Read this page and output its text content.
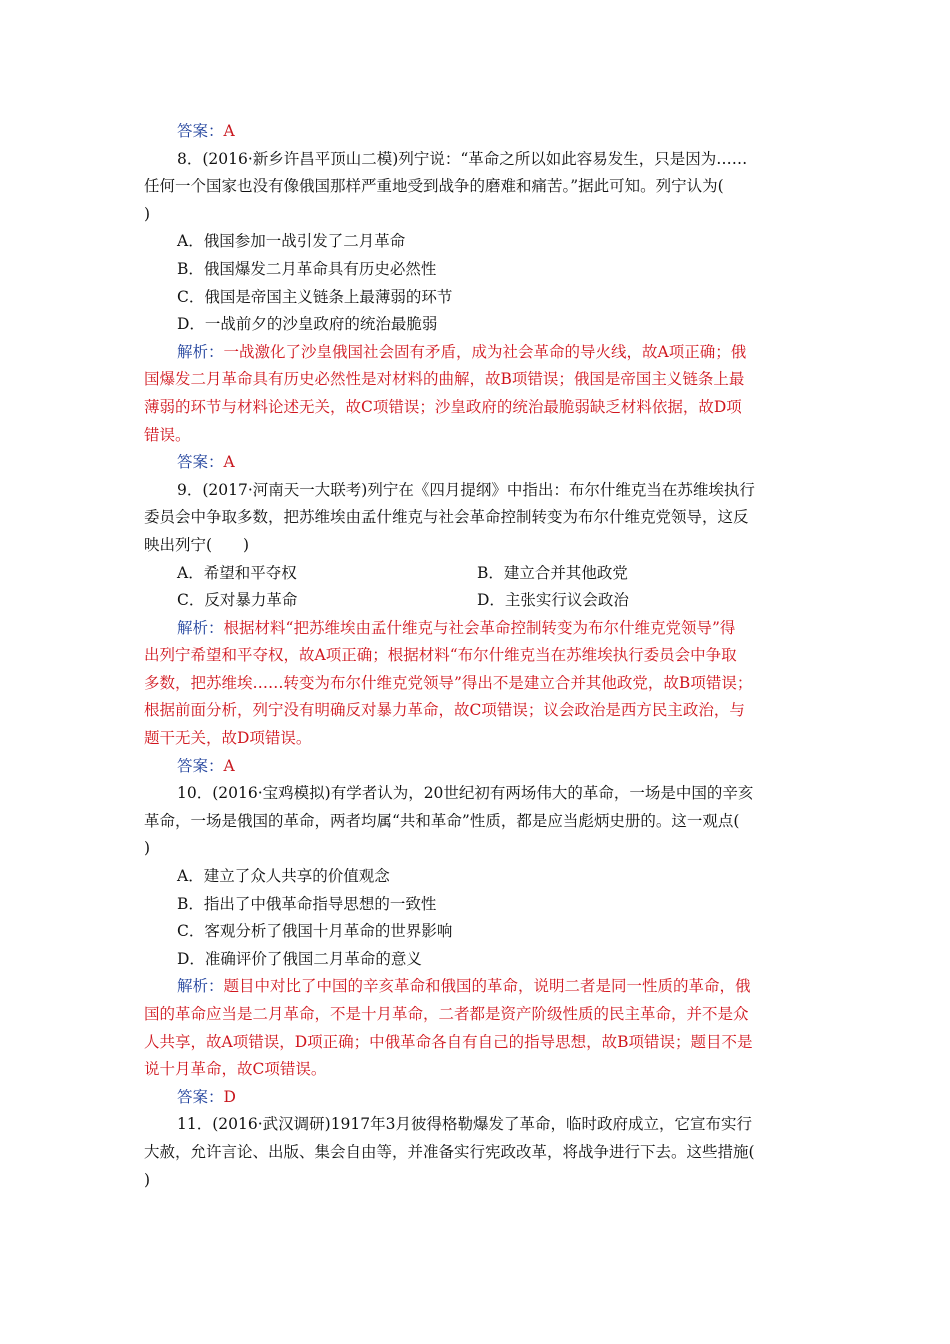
答案：A
8．(2016·新乡许昌平顶山二模)列宁说：“革命之所以如此容易发生，只是因为……
任何一个国家也没有像俄国那样严重地受到战争的磨难和痛苦。”据此可知。列宁认为(
)
A．俄国参加一战引发了二月革命
B．俄国爆发二月革命具有历史必然性
C．俄国是帝国主义链条上最薄弱的环节
D．一战前夕的沙皇政府的统治最脆弱
解析：一战激化了沙皇俄国社会固有矛盾，成为社会革命的导火线，故A项正确；俄
国爆发二月革命具有历史必然性是对材料的曲解，故B项错误；俄国是帝国主义链条上最
薄弱的环节与材料论述无关，故C项错误；沙皇政府的统治最脆弱缺乏材料依据，故D项
错误。
答案：A
9．(2017·河南天一大联考)列宁在《四月提纲》中指出：布尔什维克当在苏维埃执行
委员会中争取多数，把苏维埃由孟什维克与社会革命控制转变为布尔什维克党领导，这反
映出列宁(　　)
A．希望和平夺权	B．建立合并其他政党
C．反对暴力革命	D．主张实行议会政治
解析：根据材料“把苏维埃由孟什维克与社会革命控制转变为布尔什维克党领导”得
出列宁希望和平夺权，故A项正确；根据材料“布尔什维克当在苏维埃执行委员会中争取
多数，把苏维埃……转变为布尔什维克党领导”得出不是建立合并其他政党，故B项错误；
根据前面分析，列宁没有明确反对暴力革命，故C项错误；议会政治是西方民主政治，与
题干无关，故D项错误。
答案：A
10．(2016·宝鸡模拟)有学者认为，20世纪初有两场伟大的革命，一场是中国的辛亥
革命，一场是俄国的革命，两者均属“共和革命”性质，都是应当彪炳史册的。这一观点(
)
A．建立了众人共享的价值观念
B．指出了中俄革命指导思想的一致性
C．客观分析了俄国十月革命的世界影响
D．准确评价了俄国二月革命的意义
解析：题目中对比了中国的辛亥革命和俄国的革命，说明二者是同一性质的革命，俄
国的革命应当是二月革命，不是十月革命，二者都是资产阶级性质的民主革命，并不是众
人共享，故A项错误，D项正确；中俄革命各自有自己的指导思想，故B项错误；题目不是
说十月革命，故C项错误。
答案：D
11．(2016·武汉调研)1917年3月彼得格勒爆发了革命，临时政府成立，它宣布实行
大赦，允许言论、出版、集会自由等，并准备实行宪政改革，将战争进行下去。这些措施(
)
